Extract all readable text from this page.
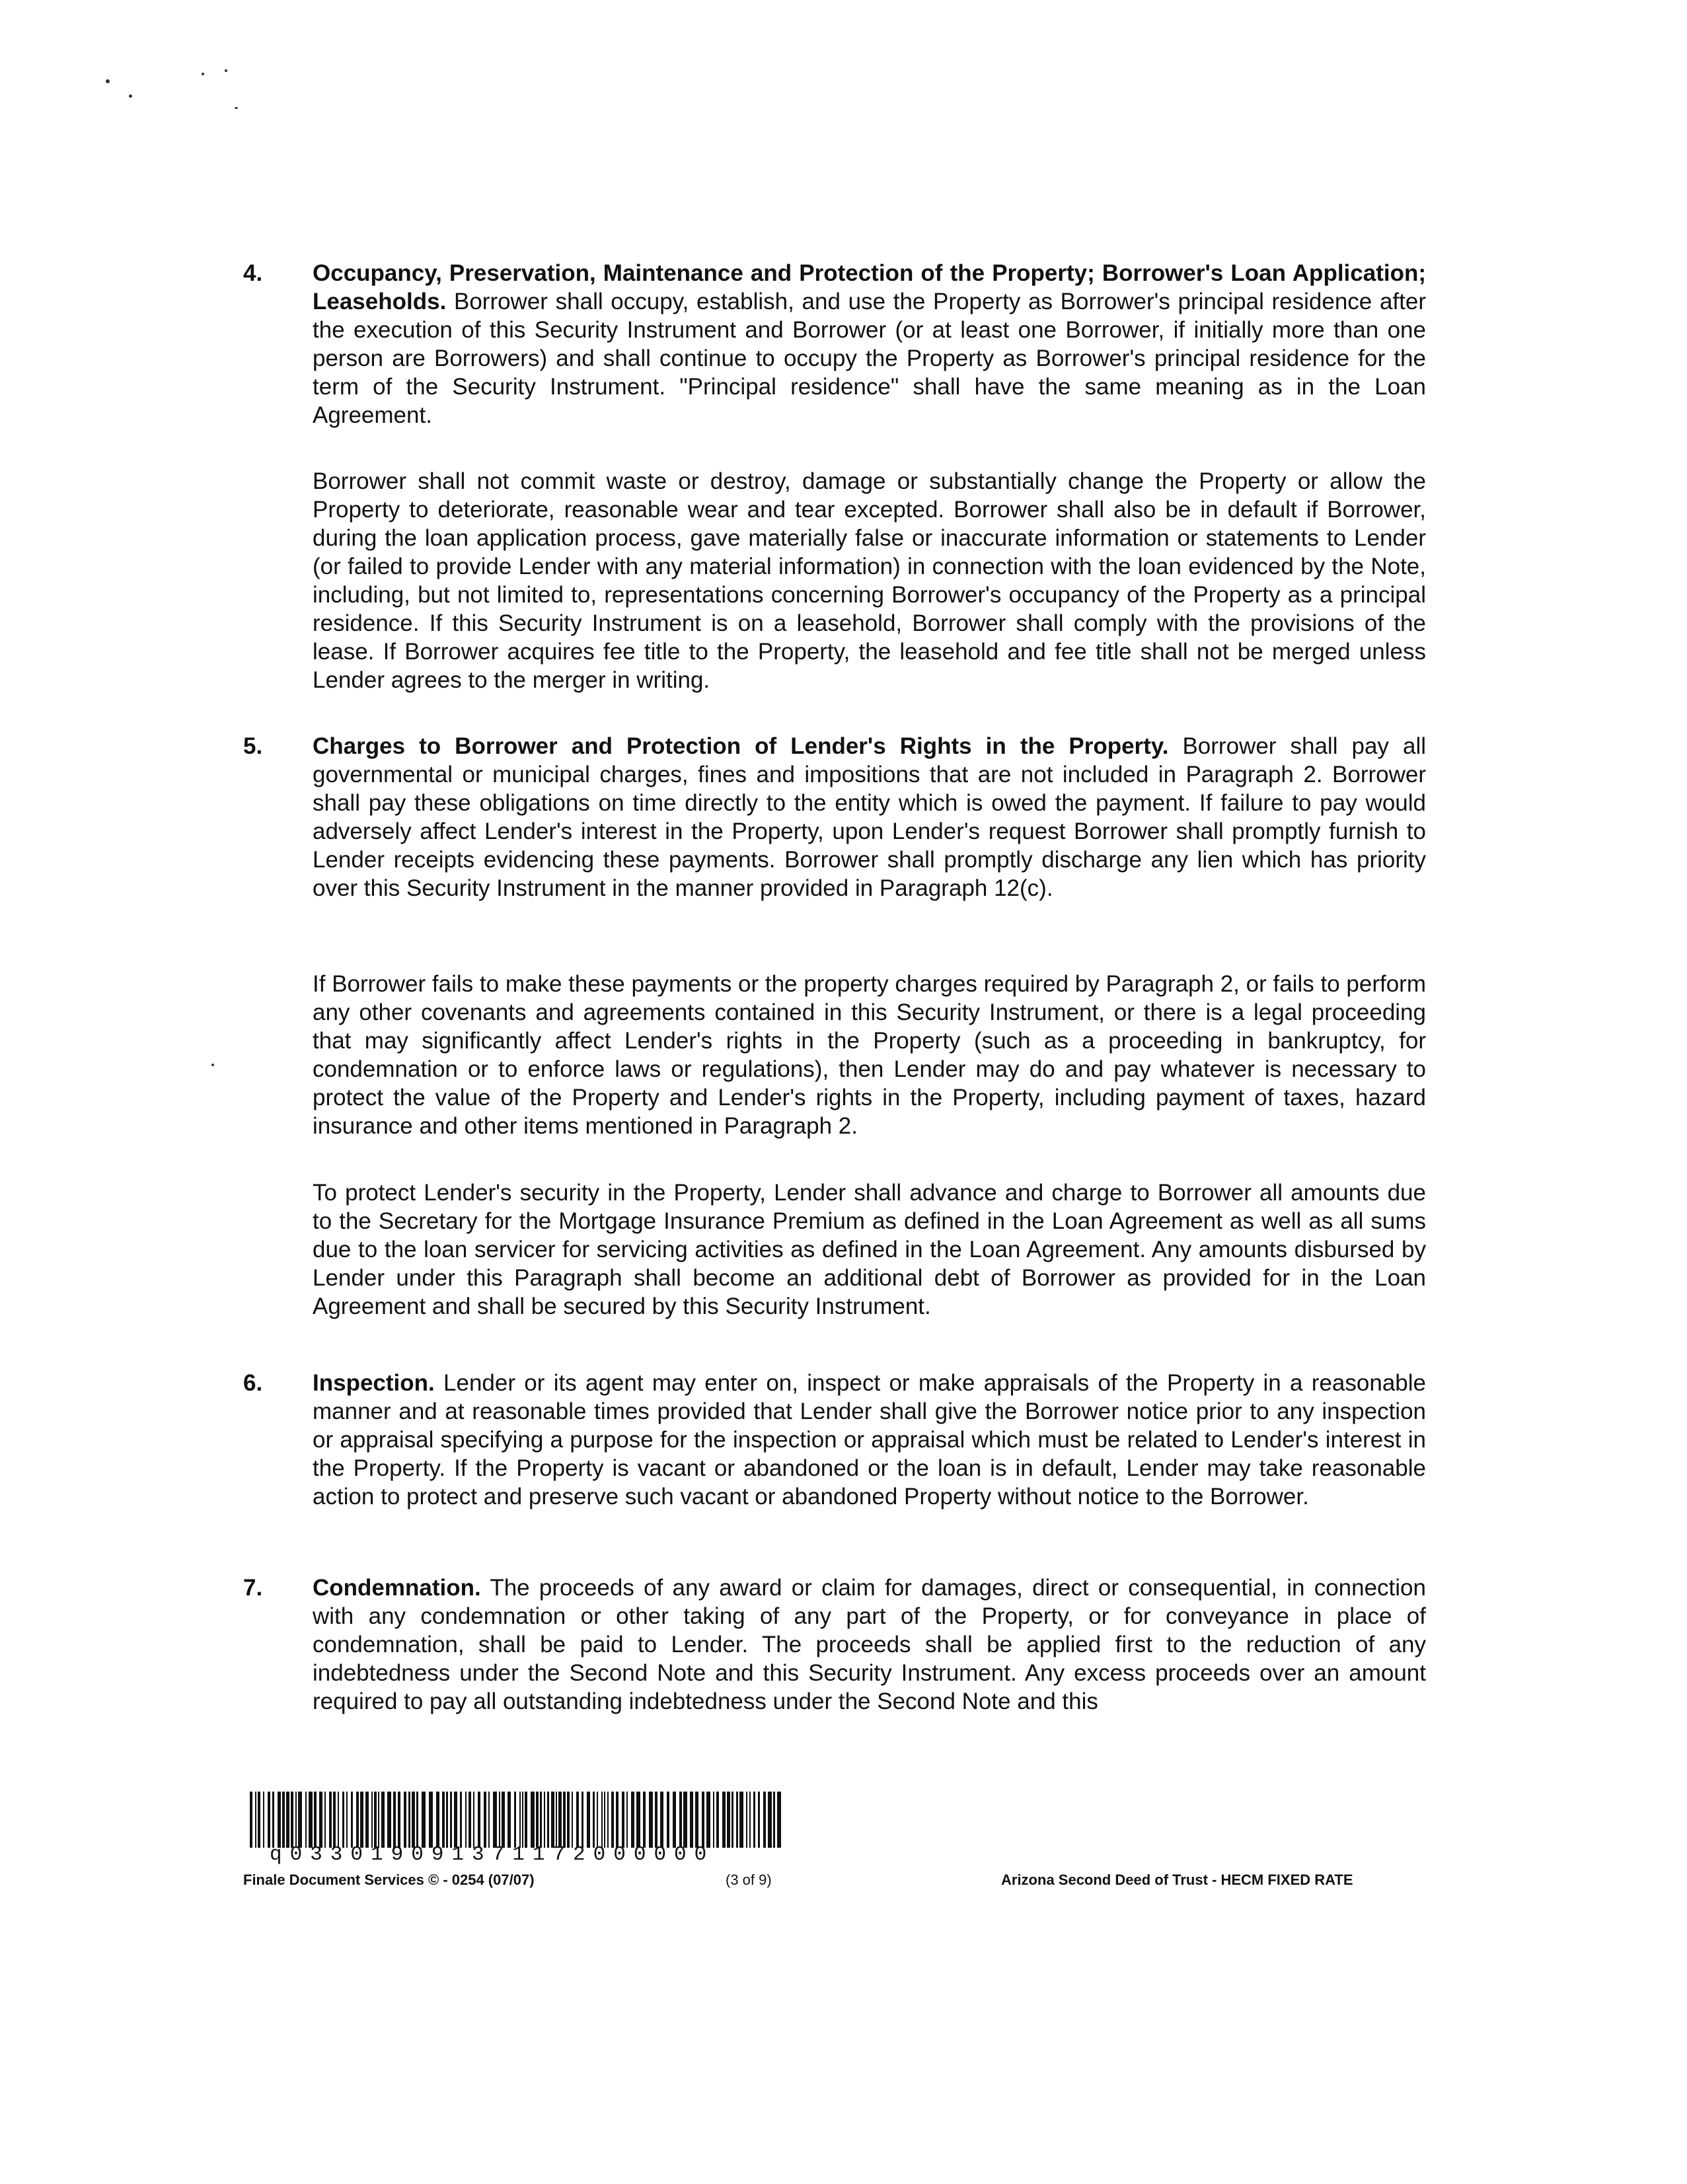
4. Occupancy, Preservation, Maintenance and Protection of the Property; Borrower's Loan Application; Leaseholds. Borrower shall occupy, establish, and use the Property as Borrower's principal residence after the execution of this Security Instrument and Borrower (or at least one Borrower, if initially more than one person are Borrowers) and shall continue to occupy the Property as Borrower's principal residence for the term of the Security Instrument. "Principal residence" shall have the same meaning as in the Loan Agreement.
Borrower shall not commit waste or destroy, damage or substantially change the Property or allow the Property to deteriorate, reasonable wear and tear excepted. Borrower shall also be in default if Borrower, during the loan application process, gave materially false or inaccurate information or statements to Lender (or failed to provide Lender with any material information) in connection with the loan evidenced by the Note, including, but not limited to, representations concerning Borrower's occupancy of the Property as a principal residence. If this Security Instrument is on a leasehold, Borrower shall comply with the provisions of the lease. If Borrower acquires fee title to the Property, the leasehold and fee title shall not be merged unless Lender agrees to the merger in writing.
5. Charges to Borrower and Protection of Lender's Rights in the Property. Borrower shall pay all governmental or municipal charges, fines and impositions that are not included in Paragraph 2. Borrower shall pay these obligations on time directly to the entity which is owed the payment. If failure to pay would adversely affect Lender's interest in the Property, upon Lender's request Borrower shall promptly furnish to Lender receipts evidencing these payments. Borrower shall promptly discharge any lien which has priority over this Security Instrument in the manner provided in Paragraph 12(c).
If Borrower fails to make these payments or the property charges required by Paragraph 2, or fails to perform any other covenants and agreements contained in this Security Instrument, or there is a legal proceeding that may significantly affect Lender's rights in the Property (such as a proceeding in bankruptcy, for condemnation or to enforce laws or regulations), then Lender may do and pay whatever is necessary to protect the value of the Property and Lender's rights in the Property, including payment of taxes, hazard insurance and other items mentioned in Paragraph 2.
To protect Lender's security in the Property, Lender shall advance and charge to Borrower all amounts due to the Secretary for the Mortgage Insurance Premium as defined in the Loan Agreement as well as all sums due to the loan servicer for servicing activities as defined in the Loan Agreement. Any amounts disbursed by Lender under this Paragraph shall become an additional debt of Borrower as provided for in the Loan Agreement and shall be secured by this Security Instrument.
6. Inspection. Lender or its agent may enter on, inspect or make appraisals of the Property in a reasonable manner and at reasonable times provided that Lender shall give the Borrower notice prior to any inspection or appraisal specifying a purpose for the inspection or appraisal which must be related to Lender's interest in the Property. If the Property is vacant or abandoned or the loan is in default, Lender may take reasonable action to protect and preserve such vacant or abandoned Property without notice to the Borrower.
7. Condemnation. The proceeds of any award or claim for damages, direct or consequential, in connection with any condemnation or other taking of any part of the Property, or for conveyance in place of condemnation, shall be paid to Lender. The proceeds shall be applied first to the reduction of any indebtedness under the Second Note and this Security Instrument. Any excess proceeds over an amount required to pay all outstanding indebtedness under the Second Note and this
q033019091371172000000
Finale Document Services © - 0254 (07/07)	(3 of 9)	Arizona Second Deed of Trust - HECM FIXED RATE
